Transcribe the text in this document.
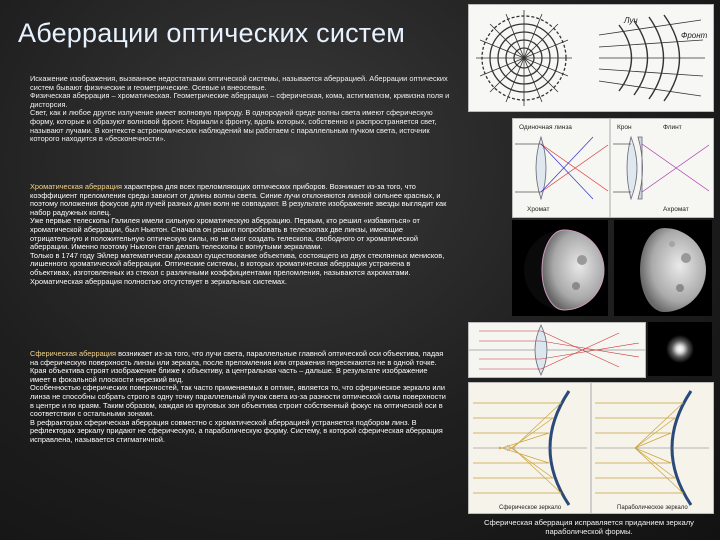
Аберрации оптических систем

Искажение изображения, вызванное недостатками оптической системы, называется аберрацией. Аберрации оптических систем бывают физические и геометрические. Осевые и внеосевые.

Физическая аберрация – хроматическая. Геометрические аберрации – сферическая, кома, астигматизм, кривизна поля и дисторсия.

Свет, как и любое другое излучение имеет волновую природу. В однородной среде волны света имеют сферическую форму, которые и образуют волновой фронт. Нормали к фронту, вдоль которых, собственно и распространяется свет, называют лучами. В контексте астрономических наблюдений мы работаем с параллельным пучком света, источник которого находится в «бесконечности».

Хроматическая аберрация характерна для всех преломляющих оптических приборов. Возникает из-за того, что коэффициент преломления среды зависит от длины волны света. Синие лучи отклоняются линзой сильнее красных, и поэтому положения фокусов для лучей разных длин волн не совпадают. В результате изображение звезды выглядит как набор радужных колец.

Уже первые телескопы Галилея имели сильную хроматическую аберрацию. Первым, кто решил «избавиться» от хроматической аберрации, был Ньютон. Сначала он решил попробовать в телескопах две линзы, имеющие отрицательную и положительную оптическую силы, но не смог создать телескопа, свободного от хроматической аберрации. Именно поэтому Ньютон стал делать телескопы с вогнутыми зеркалами.

Только в 1747 году Эйлер математически доказал существование объектива, состоящего из двух стеклянных менисков, лишенного хроматической аберрации. Оптические системы, в которых хроматическая аберрация устранена в объективах, изготовленных из стекол с различными коэффициентами преломления, называются ахроматами. Хроматическая аберрация полностью отсутствует в зеркальных системах.

Сферическая аберрация возникает из-за того, что лучи света, параллельные главной оптической оси объектива, падая на сферическую поверхность линзы или зеркала, после преломления или отражения пересекаются не в одной точке. Края объектива строят изображение ближе к объективу, а центральная часть – дальше. В результате изображение имеет в фокальной плоскости нерезкий вид.

Особенностью сферических поверхностей, так часто применяемых в оптике, является то, что сферическое зеркало или линза не способны собрать строго в одну точку параллельный пучок света из-за разности оптической силы поверхности в центре и по краям. Таким образом, каждая из круговых зон объектива строит собственный фокус на оптической оси в соответствии с остальными зонами.

В рефракторах сферическая аберрация совместно с хроматической аберрацией устраняется подбором линз. В рефлекторах зеркалу придают не сферическую, а параболическую форму. Систему, в которой сферическая аберрация исправлена, называется стигматичной.

Луч
Фронт
Одиночная линза	Крон	Флинт
Хромат	Ахромат
Сферическое зеркало	Параболическое зеркало
Сферическая аберрация исправляется приданием зеркалу параболической формы.
